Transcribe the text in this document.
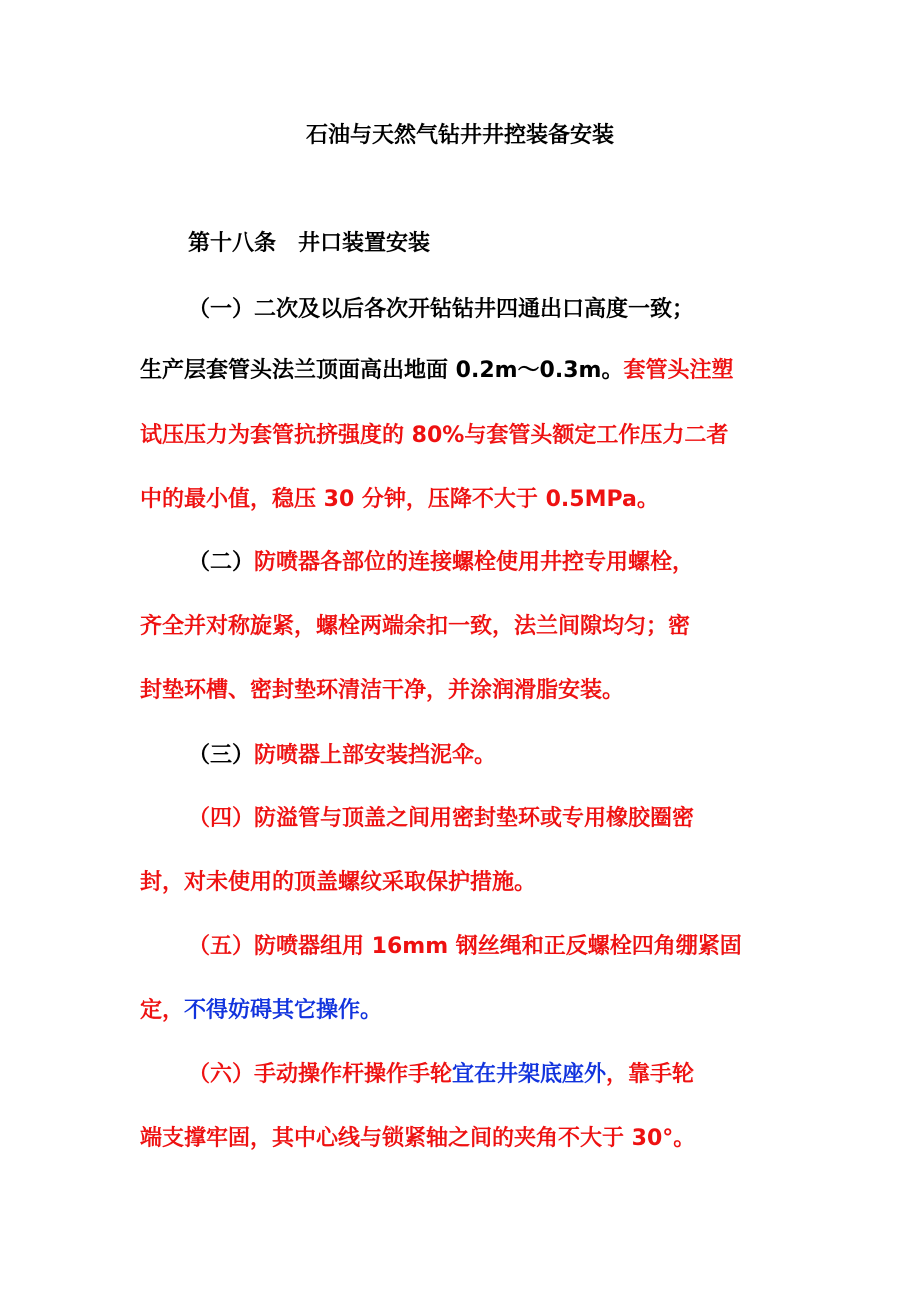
石油与天然气钻井井控装备安装
第十八条　井口装置安装
（一）二次及以后各次开钻钻井四通出口高度一致；
生产层套管头法兰顶面高出地面 0.2m～0.3m。套管头注塑
试压压力为套管抗挤强度的 80%与套管头额定工作压力二者
中的最小值，稳压 30 分钟，压降不大于 0.5MPa。
（二）防喷器各部位的连接螺栓使用井控专用螺栓，
齐全并对称旋紧，螺栓两端余扣一致，法兰间隙均匀；密
封垫环槽、密封垫环清洁干净，并涂润滑脂安装。
（三）防喷器上部安装挡泥伞。
（四）防溢管与顶盖之间用密封垫环或专用橡胶圈密
封，对未使用的顶盖螺纹采取保护措施。
（五）防喷器组用 16mm 钢丝绳和正反螺栓四角绷紧固
定，不得妨碍其它操作。
（六）手动操作杆操作手轮宜在井架底座外，靠手轮
端支撑牢固，其中心线与锁紧轴之间的夹角不大于 30°。
